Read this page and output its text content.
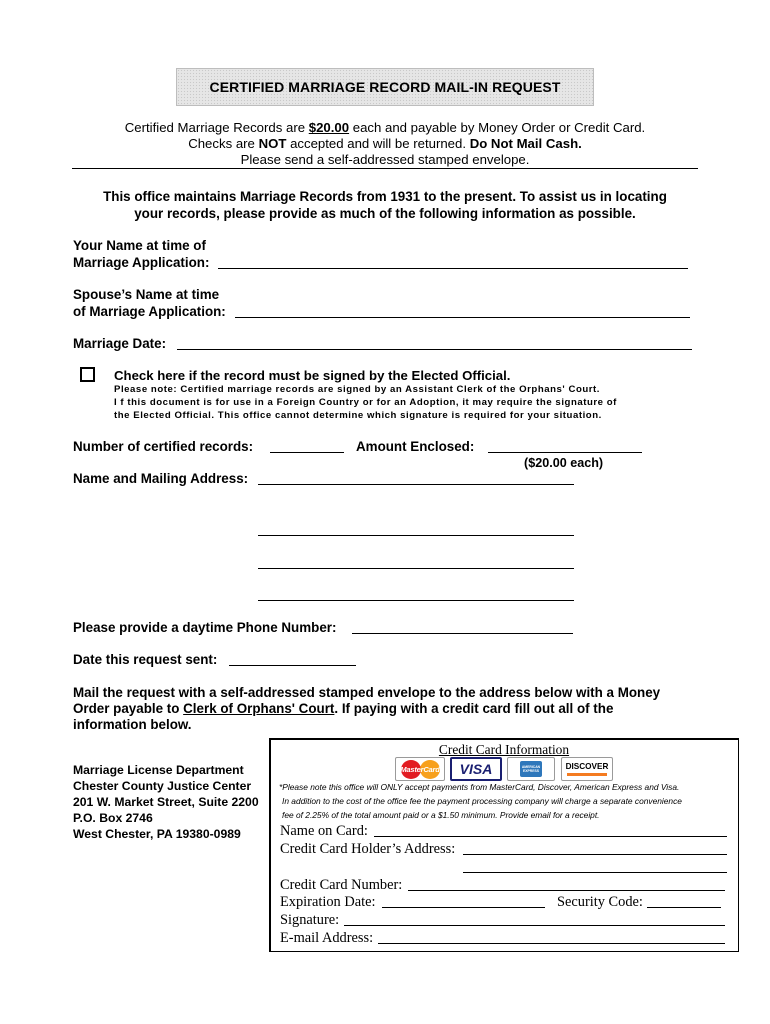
CERTIFIED MARRIAGE RECORD MAIL-IN REQUEST
Certified Marriage Records are $20.00 each and payable by Money Order or Credit Card.
Checks are NOT accepted and will be returned. Do Not Mail Cash.
Please send a self-addressed stamped envelope.
This office maintains Marriage Records from 1931 to the present. To assist us in locating
your records, please provide as much of the following information as possible.
Your Name at time of
Marriage Application:
Spouse’s Name at time
of Marriage Application:
Marriage Date:
Check here if the record must be signed by the Elected Official.
Please note: Certified marriage records are signed by an Assistant Clerk of the Orphans' Court.
I f this document is for use in a Foreign Country or for an Adoption, it may require the signature of
the Elected Official. This office cannot determine which signature is required for your situation.
Number of certified records:	Amount Enclosed:
($20.00 each)
Name and Mailing Address:
Please provide a daytime Phone Number:
Date this request sent:
Mail the request with a self-addressed stamped envelope to the address below with a Money
Order payable to Clerk of Orphans' Court. If paying with a credit card fill out all of the
information below.
Marriage License Department
Chester County Justice Center
201 W. Market Street, Suite 2200
P.O. Box 2746
West Chester, PA 19380-0989
Credit Card Information
MasterCard VISA	AMERICAN EXPRESS	DISCOVER
*Please note this office will ONLY accept payments from MasterCard, Discover, American Express and Visa.
In addition to the cost of the office fee the payment processing company will charge a separate convenience
fee of 2.25% of the total amount paid or a $1.50 minimum. Provide email for a receipt.
Name on Card:
Credit Card Holder’s Address:
Credit Card Number:
Expiration Date:	Security Code:
Signature:
E-mail Address:
